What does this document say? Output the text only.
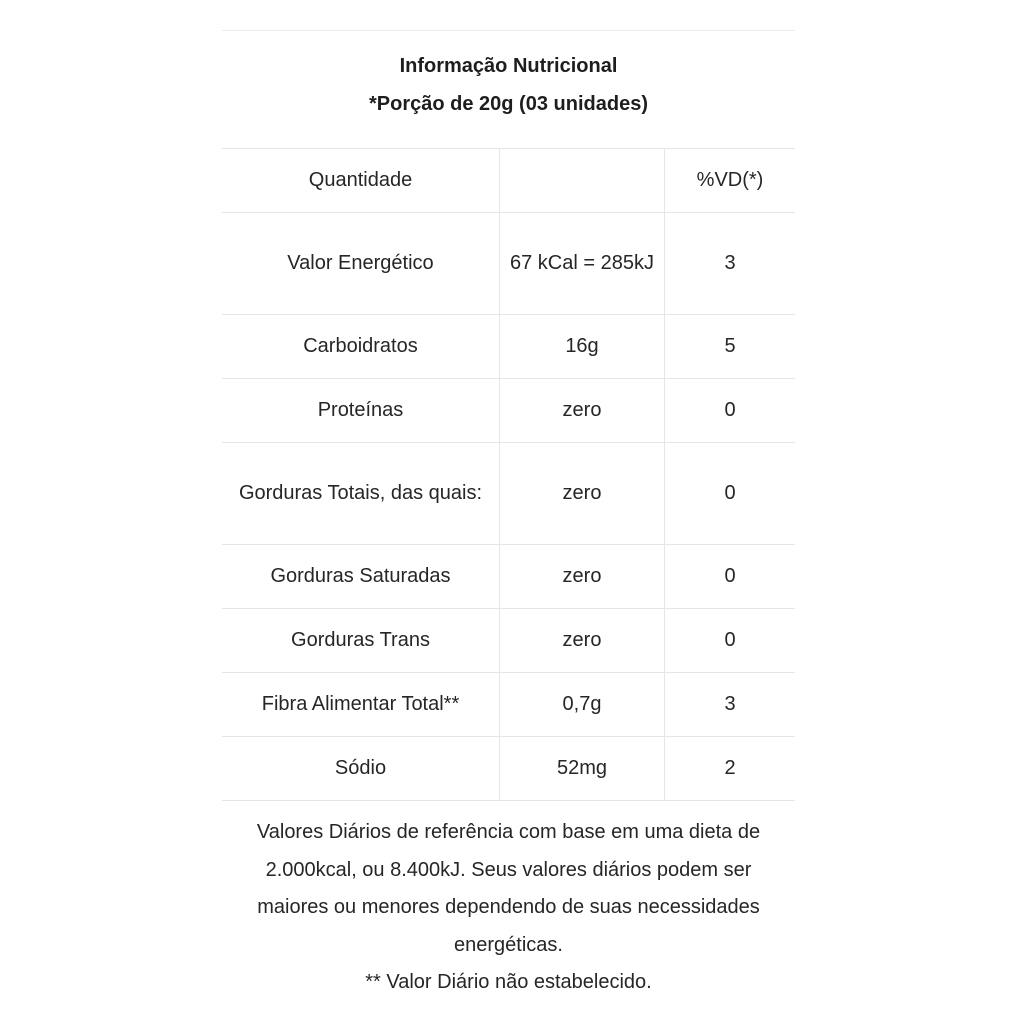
Informação Nutricional
*Porção de 20g (03 unidades)
Quantidade		%VD(*)
Valor Energético	67 kCal = 285kJ	3
Carboidratos	16g	5
Proteínas	zero	0
Gorduras Totais, das quais:	zero	0
Gorduras Saturadas	zero	0
Gorduras Trans	zero	0
Fibra Alimentar Total**	0,7g	3
Sódio	52mg	2
Valores Diários de referência com base em uma dieta de 2.000kcal, ou 8.400kJ. Seus valores diários podem ser maiores ou menores dependendo de suas necessidades energéticas.
** Valor Diário não estabelecido.
